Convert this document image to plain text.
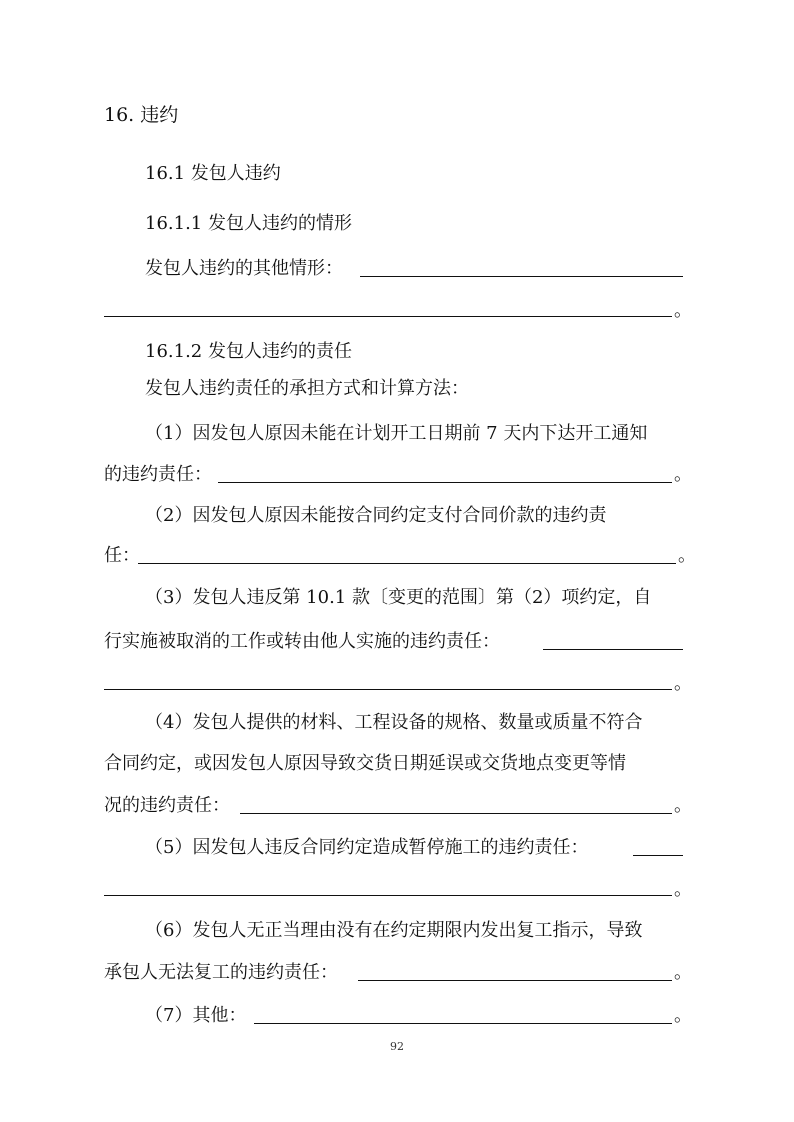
16. 违约
16.1 发包人违约
16.1.1 发包人违约的情形
发包人违约的其他情形：
。
16.1.2 发包人违约的责任
发包人违约责任的承担方式和计算方法：
（1）因发包人原因未能在计划开工日期前 7 天内下达开工通知
的违约责任：	。
（2）因发包人原因未能按合同约定支付合同价款的违约责
任：	。
（3）发包人违反第 10.1 款〔变更的范围〕第（2）项约定，自
行实施被取消的工作或转由他人实施的违约责任：
。
（4）发包人提供的材料、工程设备的规格、数量或质量不符合
合同约定，或因发包人原因导致交货日期延误或交货地点变更等情
况的违约责任：	。
（5）因发包人违反合同约定造成暂停施工的违约责任：
。
（6）发包人无正当理由没有在约定期限内发出复工指示，导致
承包人无法复工的违约责任：	。
（7）其他：	。
92
